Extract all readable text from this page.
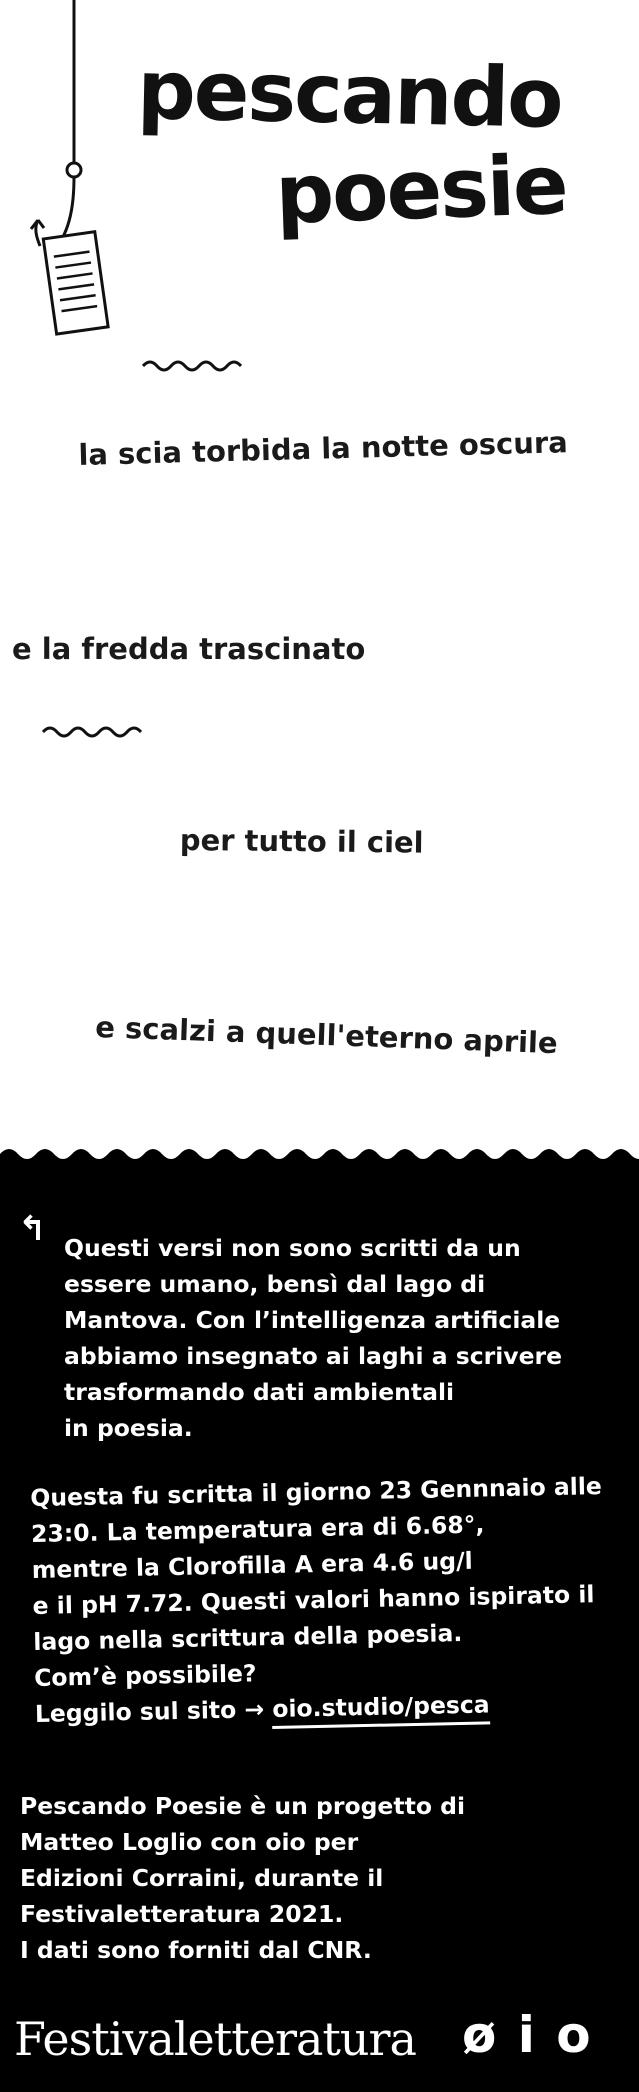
pescando
poesie
la scia torbida la notte oscura
e la fredda trascinato
per tutto il ciel
e scalzi a quell'eterno aprile
↰ Questi versi non sono scritti da un
essere umano, bensì dal lago di
Mantova. Con l’intelligenza artificiale
abbiamo insegnato ai laghi a scrivere
trasformando dati ambientali
in poesia.
Questa fu scritta il giorno 23 Gennnaio alle
23:0. La temperatura era di 6.68°,
mentre la Clorofilla A era 4.6 ug/l
e il pH 7.72. Questi valori hanno ispirato il
lago nella scrittura della poesia.
Com’è possibile?
Leggilo sul sito → oio.studio/pesca
Pescando Poesie è un progetto di
Matteo Loglio con oio per
Edizioni Corraini, durante il
Festivaletteratura 2021.
I dati sono forniti dal CNR.
Festivaletteratura ø i o
